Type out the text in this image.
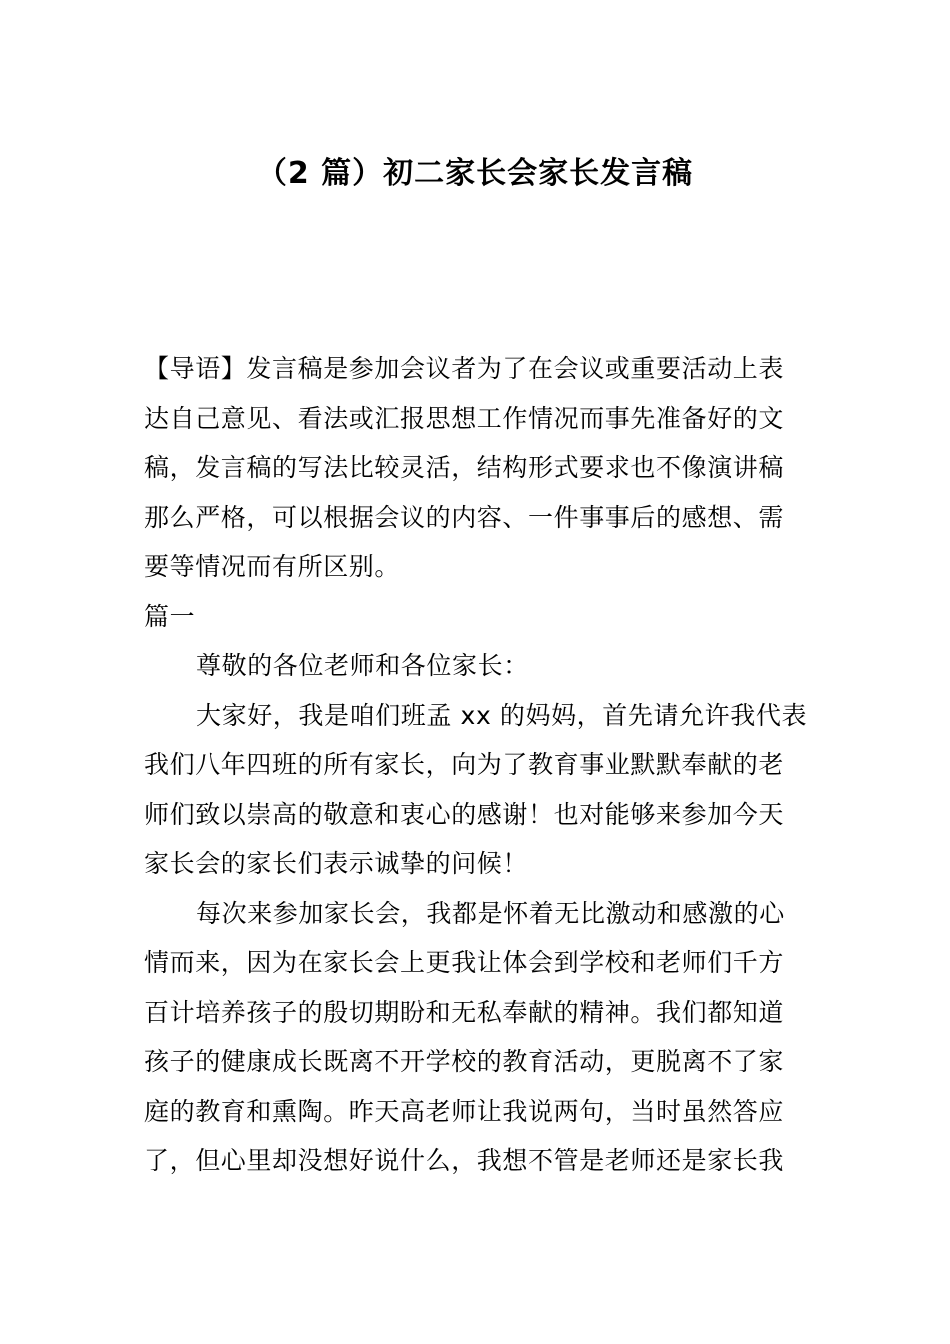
（2 篇）初二家长会家长发言稿
【导语】发言稿是参加会议者为了在会议或重要活动上表
达自己意见、看法或汇报思想工作情况而事先准备好的文
稿，发言稿的写法比较灵活，结构形式要求也不像演讲稿
那么严格，可以根据会议的内容、一件事事后的感想、需
要等情况而有所区别。
篇一
尊敬的各位老师和各位家长：
大家好，我是咱们班孟 xx 的妈妈，首先请允许我代表
我们八年四班的所有家长，向为了教育事业默默奉献的老
师们致以崇高的敬意和衷心的感谢！也对能够来参加今天
家长会的家长们表示诚挚的问候！
每次来参加家长会，我都是怀着无比激动和感激的心
情而来，因为在家长会上更我让体会到学校和老师们千方
百计培养孩子的殷切期盼和无私奉献的精神。我们都知道
孩子的健康成长既离不开学校的教育活动，更脱离不了家
庭的教育和熏陶。昨天高老师让我说两句，当时虽然答应
了，但心里却没想好说什么，我想不管是老师还是家长我
